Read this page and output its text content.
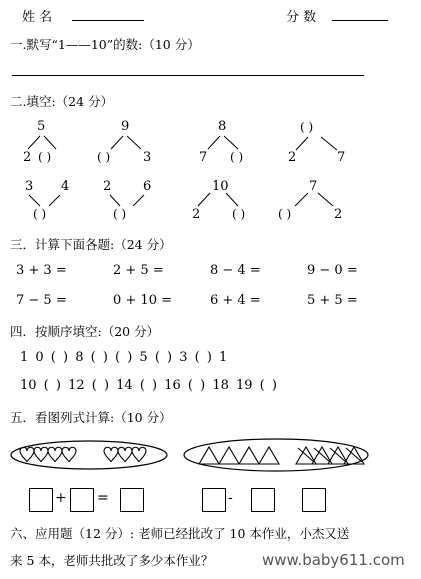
姓 名	分 数
一.默写“1——10”的数:（10 分）
二.填空:（24 分）
5
2 ( )
9
( )	3
8
7 ( )
( )
2	7
3 4
( )
2 6
( )
10
2	( )
7
( )	2
三．计算下面各题:（24 分）
3 + 3 =	2 + 5 =	8 − 4 =	9 − 0 =
7 − 5 =	0 + 10 =	6 + 4 =	5 + 5 =
四．按顺序填空:（20 分）
1 0 ( ) 8 ( ) ( ) 5 ( ) 3 ( ) 1
10 ( ) 12 ( ) 14 ( ) 16 ( ) 18 19 ( )
五．看图列式计算:（10 分）
+ =	-
六、应用题（12 分）: 老师已经批改了 10 本作业，小杰又送
来 5 本，老师共批改了多少本作业？	www.baby611.com
